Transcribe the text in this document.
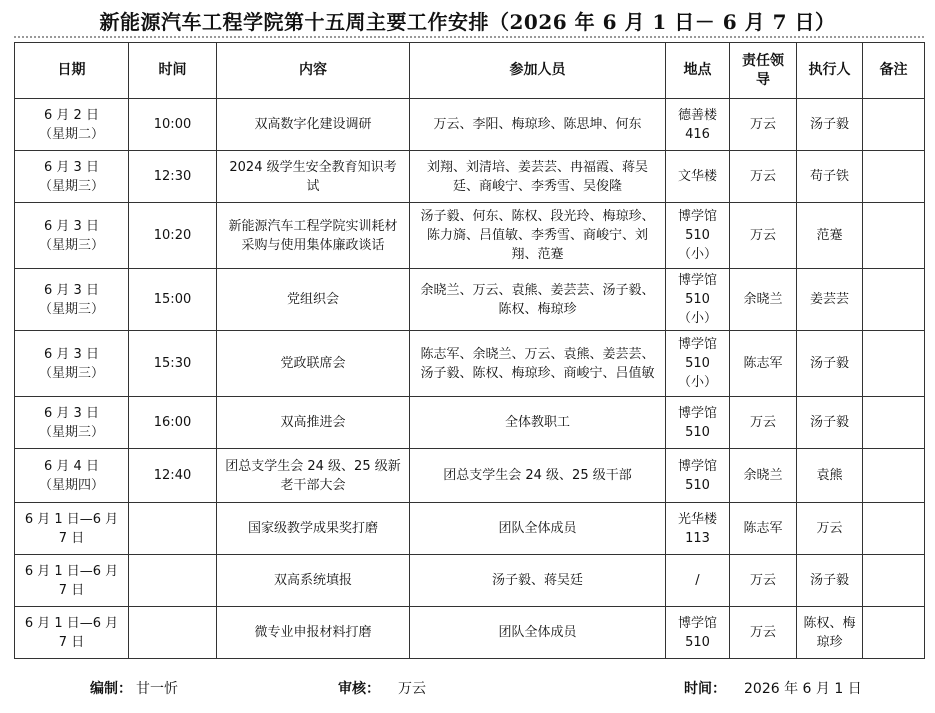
新能源汽车工程学院第十五周主要工作安排（2026 年 6 月 1 日－ 6 月 7 日）
日期	时间	内容	参加人员	地点	责任领导	执行人	备注

6 月 2 日
（星期二）	10:00	双高数字化建设调研	万云、李阳、梅琼珍、陈思坤、何东	德善楼 416	万云	汤子毅	

6 月 3 日
（星期三）	12:30	2024 级学生安全教育知识考试	刘翔、刘清培、姜芸芸、冉福霞、蒋吴廷、商峻宁、李秀雪、吴俊隆	文华楼	万云	苟子铁	

6 月 3 日
（星期三）	10:20	新能源汽车工程学院实训耗材采购与使用集体廉政谈话	汤子毅、何东、陈权、段光玲、梅琼珍、陈力旖、吕值敏、李秀雪、商峻宁、刘翔、范蹇	博学馆 510（小）	万云	范蹇	

6 月 3 日
（星期三）	15:00	党组织会	余晓兰、万云、袁熊、姜芸芸、汤子毅、陈权、梅琼珍	博学馆 510（小）	余晓兰	姜芸芸	

6 月 3 日
（星期三）	15:30	党政联席会	陈志军、余晓兰、万云、袁熊、姜芸芸、汤子毅、陈权、梅琼珍、商峻宁、吕值敏	博学馆 510（小）	陈志军	汤子毅	

6 月 3 日
（星期三）	16:00	双高推进会	全体教职工	博学馆 510	万云	汤子毅	

6 月 4 日
（星期四）	12:40	团总支学生会 24 级、25 级新老干部大会	团总支学生会 24 级、25 级干部	博学馆 510	余晓兰	袁熊	

6 月 1 日—6 月 7 日		国家级教学成果奖打磨	团队全体成员	光华楼 113	陈志军	万云	

6 月 1 日—6 月 7 日		双高系统填报	汤子毅、蒋吴廷	/	万云	汤子毅	

6 月 1 日—6 月 7 日		微专业申报材料打磨	团队全体成员	博学馆 510	万云	陈权、梅琼珍	
编制： 甘一忻	审核： 万云	时间： 2026 年 6 月 1 日
